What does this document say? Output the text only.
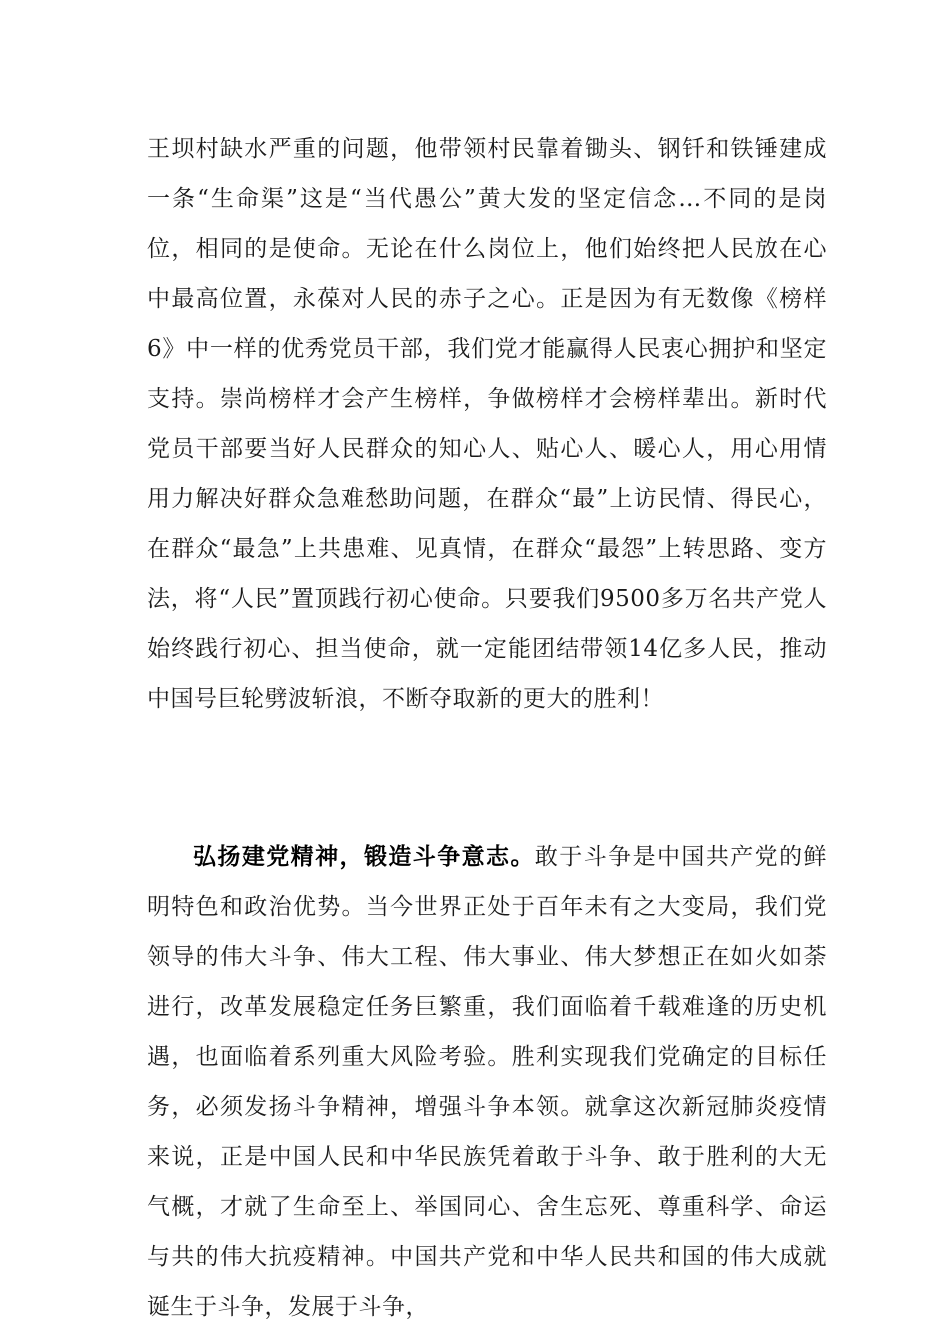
王坝村缺水严重的问题，他带领村民靠着锄头、钢钎和铁锤建成一条“生命渠”这是“当代愚公”黄大发的坚定信念…不同的是岗位，相同的是使命。无论在什么岗位上，他们始终把人民放在心中最高位置，永葆对人民的赤子之心。正是因为有无数像《榜样6》中一样的优秀党员干部，我们党才能赢得人民衷心拥护和坚定支持。崇尚榜样才会产生榜样，争做榜样才会榜样辈出。新时代党员干部要当好人民群众的知心人、贴心人、暖心人，用心用情用力解决好群众急难愁助问题，在群众“最”上访民情、得民心，在群众“最急”上共患难、见真情，在群众“最怨”上转思路、变方法，将“人民”置顶践行初心使命。只要我们9500多万名共产党人始终践行初心、担当使命，就一定能团结带领14亿多人民，推动中国号巨轮劈波斩浪，不断夺取新的更大的胜利！

弘扬建党精神，锻造斗争意志。敢于斗争是中国共产党的鲜明特色和政治优势。当今世界正处于百年未有之大变局，我们党领导的伟大斗争、伟大工程、伟大事业、伟大梦想正在如火如荼进行，改革发展稳定任务巨繁重，我们面临着千载难逢的历史机遇，也面临着系列重大风险考验。胜利实现我们党确定的目标任务，必须发扬斗争精神，增强斗争本领。就拿这次新冠肺炎疫情来说，正是中国人民和中华民族凭着敢于斗争、敢于胜利的大无气概，才就了生命至上、举国同心、舍生忘死、尊重科学、命运与共的伟大抗疫精神。中国共产党和中华人民共和国的伟大成就诞生于斗争，发展于斗争，
